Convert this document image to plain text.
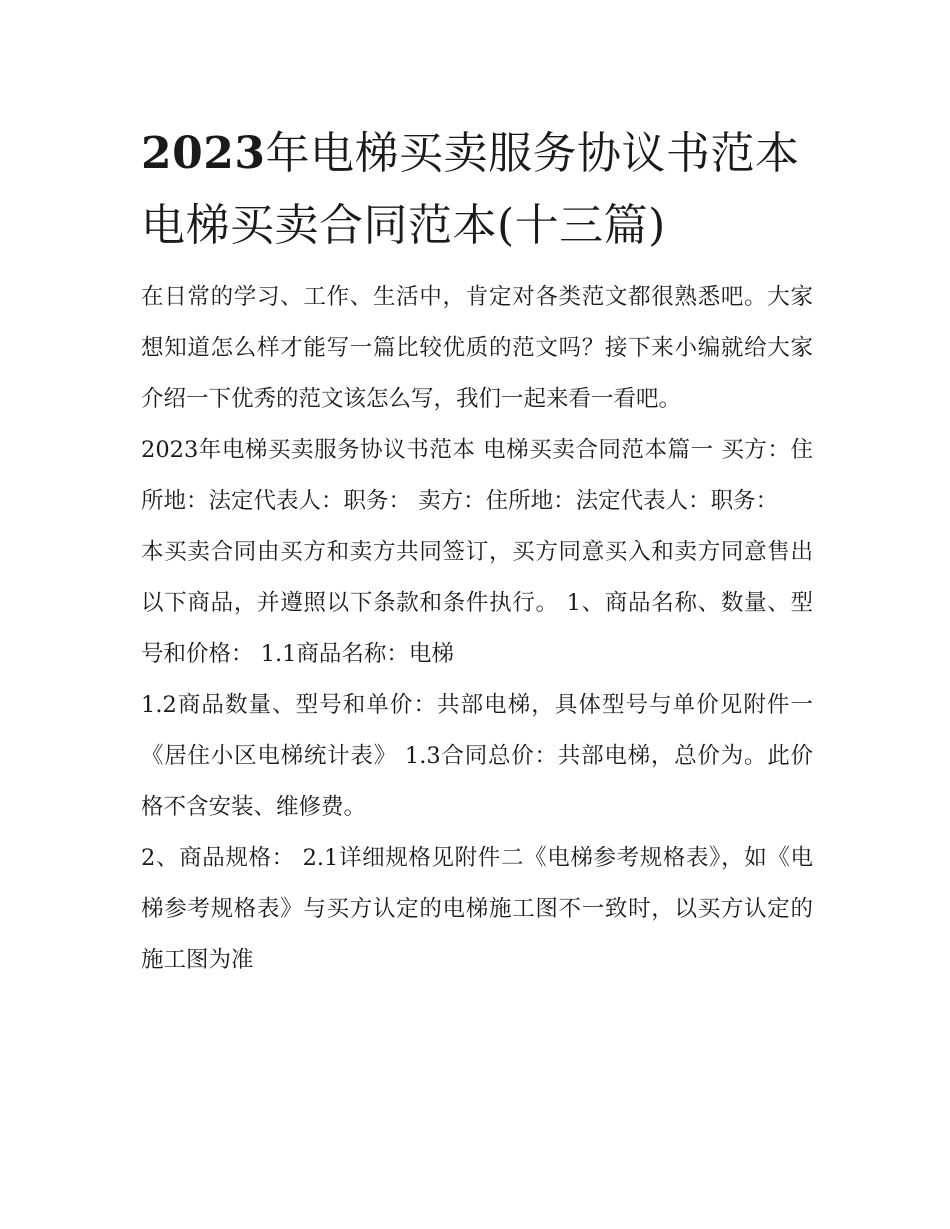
2023年电梯买卖服务协议书范本 电梯买卖合同范本(十三篇)

在日常的学习、工作、生活中，肯定对各类范文都很熟悉吧。大家想知道怎么样才能写一篇比较优质的范文吗？接下来小编就给大家介绍一下优秀的范文该怎么写，我们一起来看一看吧。

2023年电梯买卖服务协议书范本 电梯买卖合同范本篇一 买方：住所地：法定代表人：职务： 卖方：住所地：法定代表人：职务：

本买卖合同由买方和卖方共同签订，买方同意买入和卖方同意售出以下商品，并遵照以下条款和条件执行。 1、商品名称、数量、型号和价格： 1.1商品名称：电梯

1.2商品数量、型号和单价：共部电梯，具体型号与单价见附件一《居住小区电梯统计表》 1.3合同总价：共部电梯，总价为。此价格不含安装、维修费。

2、商品规格： 2.1详细规格见附件二《电梯参考规格表》，如《电梯参考规格表》与买方认定的电梯施工图不一致时，以买方认定的施工图为准
